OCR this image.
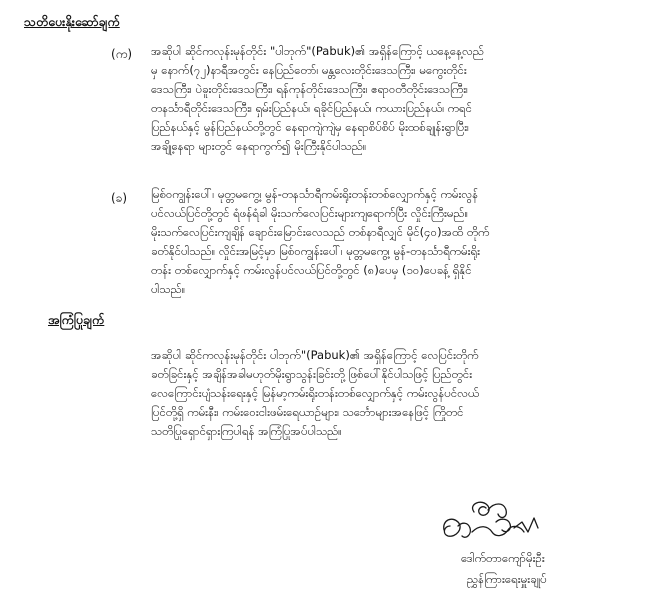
သတိပေးနိုးဆော်ချက်
(က) အဆိုပါ ဆိုင်ကလုန်းမုန်တိုင်း "ပါဘုက်"(Pabuk)၏ အရှိန်ကြောင့် ယနေ့နေ့လည်
မှ နောက်(၇၂)နာရီအတွင်း နေပြည်တော်၊ မန္တလေးတိုင်းဒေသကြီး၊ မကွေးတိုင်း
ဒေသကြီး၊ ပဲခူးတိုင်းဒေသကြီး၊ ရန်ကုန်တိုင်းဒေသကြီး၊ ဧရာဝတီတိုင်းဒေသကြီး၊
တနင်္သာရီတိုင်းဒေသကြီး၊ ရှမ်းပြည်နယ်၊ ရခိုင်ပြည်နယ်၊ ကယားပြည်နယ်၊ ကရင်
ပြည်နယ်နှင့် မွန်ပြည်နယ်တို့တွင် နေရာကျဲကျဲမှ နေရာစိပ်စိပ် မိုးထစ်ချုန်းရွာပြီး၊
အချို့နေရာ များတွင် နေရာကွက်၍ မိုးကြီးနိုင်ပါသည်။
(ခ) မြစ်ဝကျွန်းပေါ်၊ မုတ္တမကွေ့၊ မွန်-တနင်္သာရီကမ်းရိုးတန်းတစ်လျှောက်နှင့် ကမ်းလွန်
ပင်လယ်ပြင်တို့တွင် ရံဖန်ရံခါ မိုးသက်လေပြင်းများကျရောက်ပြီး လှိုင်းကြီးမည်။
မိုးသက်လေပြင်းကျချိန် ချောင်းမြောင်းလေသည် တစ်နာရီလျှင် မိုင်(၄၀)အထိ တိုက်
ခတ်နိုင်ပါသည်။ လှိုင်းအမြင့်မှာ မြစ်ဝကျွန်းပေါ်၊ မုတ္တမကွေ့၊ မွန်-တနင်္သာရီကမ်းရိုး
တန်း တစ်လျှောက်နှင့် ကမ်းလွန်ပင်လယ်ပြင်တို့တွင် (၈)ပေမှ (၁၀)ပေခန့် ရှိနိုင်
ပါသည်။
အကြံပြုချက်
အဆိုပါ ဆိုင်ကလုန်းမုန်တိုင်း ပါဘုက်"(Pabuk)၏ အရှိန်ကြောင့် လေပြင်းတိုက်
ခတ်ခြင်းနှင့် အချိန်အခါမဟုတ်မိုးရွာသွန်းခြင်းတို့ ဖြစ်ပေါ်နိုင်ပါသဖြင့် ပြည်တွင်း
လေကြောင်းပျံသန်းရေးနှင့် မြန်မာ့ကမ်းရိုးတန်းတစ်လျှောက်နှင့် ကမ်းလွန်ပင်လယ်
ပြင်တို့ရှိ ကမ်းနီး၊ ကမ်းဝေးငါးဖမ်းရေယာဉ်များ၊ သင်္ဘောများအနေဖြင့် ကြိုတင်
သတိပြုရှောင်ရှားကြပါရန် အကြံပြုအပ်ပါသည်။
ဒေါက်တာကျော်မိုးဦး
ညွှန်ကြားရေးမှူးချုပ်
